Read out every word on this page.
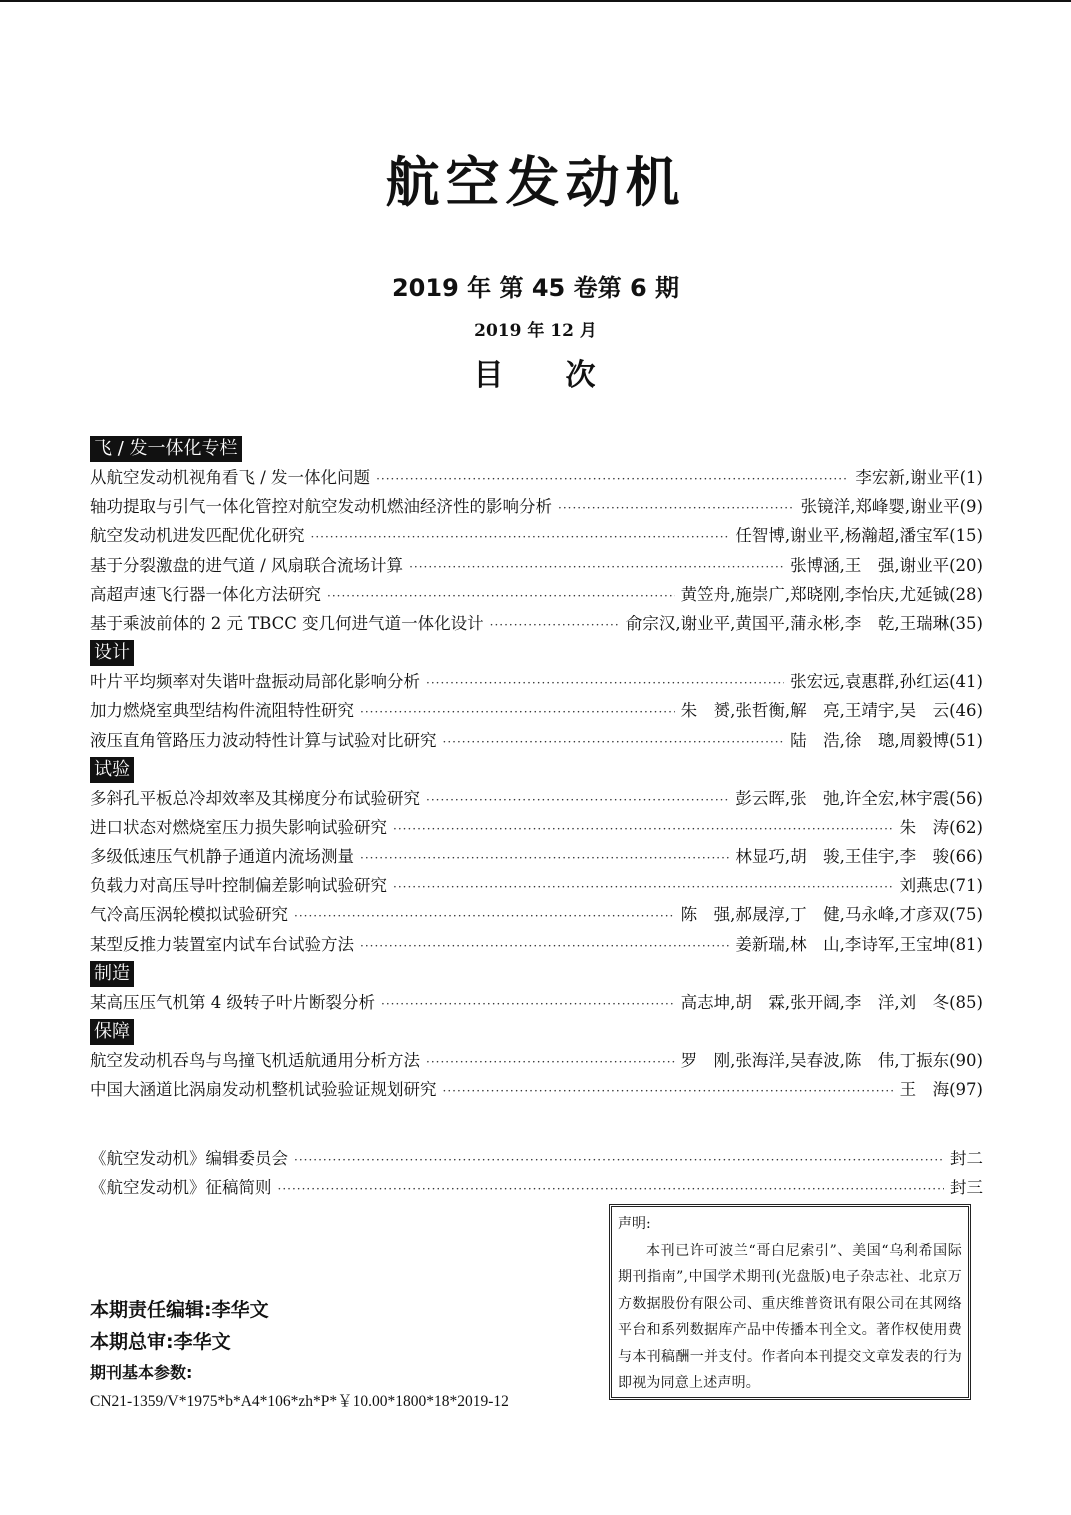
航空发动机
2019 年 第 45 卷第 6 期
2019 年 12 月
目 次
飞 / 发一体化专栏
从航空发动机视角看飞 / 发一体化问题 ·····	李宏新,谢业平(1)
轴功提取与引气一体化管控对航空发动机燃油经济性的影响分析 ·····	张镜洋,郑峰婴,谢业平(9)
航空发动机进发匹配优化研究 ·····	任智博,谢业平,杨瀚超,潘宝军(15)
基于分裂激盘的进气道 / 风扇联合流场计算 ·····	张博涵,王　强,谢业平(20)
高超声速飞行器一体化方法研究 ·····	黄笠舟,施崇广,郑晓刚,李怡庆,尤延铖(28)
基于乘波前体的 2 元 TBCC 变几何进气道一体化设计 ·····	俞宗汉,谢业平,黄国平,蒲永彬,李　乾,王瑞琳(35)
设计
叶片平均频率对失谐叶盘振动局部化影响分析 ·····	张宏远,袁惠群,孙红运(41)
加力燃烧室典型结构件流阻特性研究 ·····	朱　赟,张哲衡,解　亮,王靖宇,吴　云(46)
液压直角管路压力波动特性计算与试验对比研究 ·····	陆　浩,徐　璁,周毅博(51)
试验
多斜孔平板总冷却效率及其梯度分布试验研究 ·····	彭云晖,张　弛,许全宏,林宇震(56)
进口状态对燃烧室压力损失影响试验研究 ·····	朱　涛(62)
多级低速压气机静子通道内流场测量 ·····	林显巧,胡　骏,王佳宇,李　骏(66)
负载力对高压导叶控制偏差影响试验研究 ·····	刘燕忠(71)
气冷高压涡轮模拟试验研究 ·····	陈　强,郝晟淳,丁　健,马永峰,才彦双(75)
某型反推力装置室内试车台试验方法 ·····	姜新瑞,林　山,李诗军,王宝坤(81)
制造
某高压压气机第 4 级转子叶片断裂分析 ·····	高志坤,胡　霖,张开阔,李　洋,刘　冬(85)
保障
航空发动机吞鸟与鸟撞飞机适航通用分析方法 ·····	罗　刚,张海洋,吴春波,陈　伟,丁振东(90)
中国大涵道比涡扇发动机整机试验验证规划研究 ·····	王　海(97)
《航空发动机》编辑委员会 ·····	封二
《航空发动机》征稿简则 ·····	封三
声明:
本刊已许可波兰“哥白尼索引”、美国“乌利希国际期刊指南”,中国学术期刊(光盘版)电子杂志社、北京万方数据股份有限公司、重庆维普资讯有限公司在其网络平台和系列数据库产品中传播本刊全文。著作权使用费与本刊稿酬一并支付。作者向本刊提交文章发表的行为即视为同意上述声明。
本期责任编辑:李华文
本期总审:李华文
期刊基本参数:
CN21-1359/V*1975*b*A4*106*zh*P*￥10.00*1800*18*2019-12
